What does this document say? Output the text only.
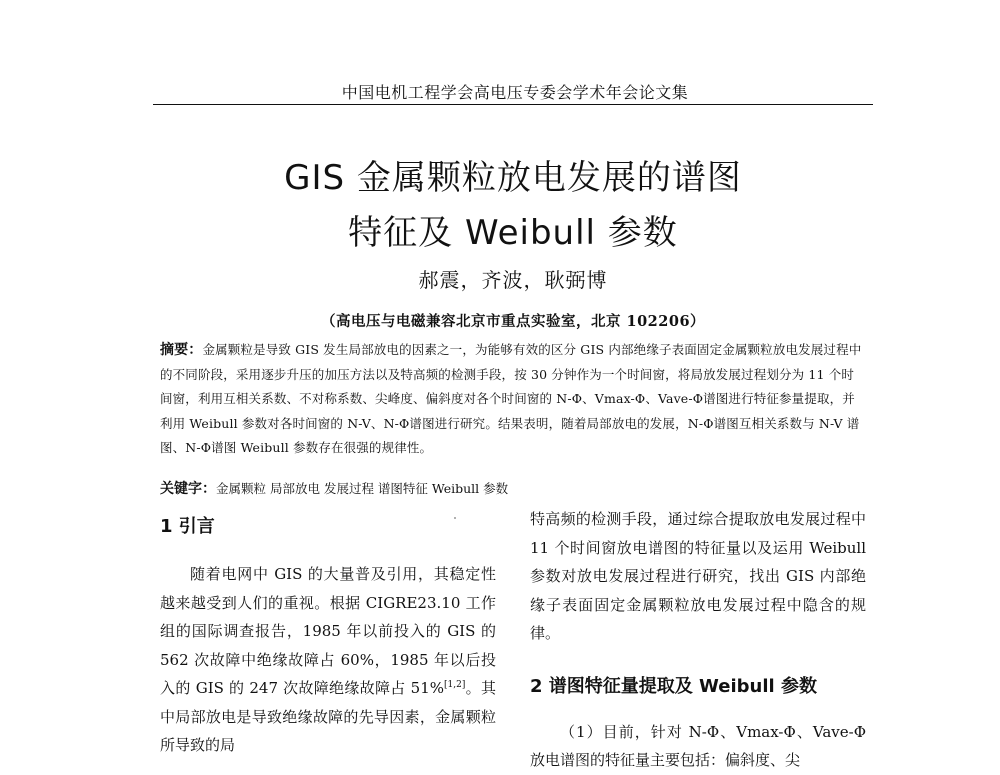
中国电机工程学会高电压专委会学术年会论文集
GIS 金属颗粒放电发展的谱图
特征及 Weibull 参数
郝震，齐波，耿弼博
（高电压与电磁兼容北京市重点实验室，北京 102206）
摘要：金属颗粒是导致 GIS 发生局部放电的因素之一，为能够有效的区分 GIS 内部绝缘子表面固定金属颗粒放电发展过程中的不同阶段，采用逐步升压的加压方法以及特高频的检测手段，按 30 分钟作为一个时间窗，将局放发展过程划分为 11 个时间窗，利用互相关系数、不对称系数、尖峰度、偏斜度对各个时间窗的 N-Φ、Vmax-Φ、Vave-Φ谱图进行特征参量提取，并利用 Weibull 参数对各时间窗的 N-V、N-Φ谱图进行研究。结果表明，随着局部放电的发展，N-Φ谱图互相关系数与 N-V 谱图、N-Φ谱图 Weibull 参数存在很强的规律性。
关键字：金属颗粒 局部放电 发展过程 谱图特征 Weibull 参数
1 引言

随着电网中 GIS 的大量普及引用，其稳定性越来越受到人们的重视。根据 CIGRE23.10 工作组的国际调查报告，1985 年以前投入的 GIS 的 562 次故障中绝缘故障占 60%，1985 年以后投入的 GIS 的 247 次故障绝缘故障占 51%[1,2]。其中局部放电是导致绝缘故障的先导因素，金属颗粒所导致的局

特高频的检测手段，通过综合提取放电发展过程中 11 个时间窗放电谱图的特征量以及运用 Weibull 参数对放电发展过程进行研究，找出 GIS 内部绝缘子表面固定金属颗粒放电发展过程中隐含的规律。

2 谱图特征量提取及 Weibull 参数

（1）目前，针对 N-Φ、Vmax-Φ、Vave-Φ放电谱图的特征量主要包括：偏斜度、尖
